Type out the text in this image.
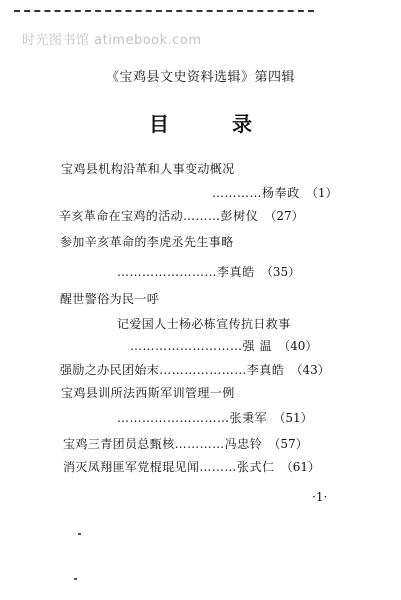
时光图书馆 atimebook.com
《宝鸡县文史资料选辑》第四辑
目 录
宝鸡县机构沿革和人事变动概况
…………杨奉政 （1）
辛亥革命在宝鸡的活动………彭树仪 （27）
参加辛亥革命的李虎丞先生事略
……………………李真皓 （35）
醒世警俗为民一呼
记爱国人士杨必栋宣传抗日救事
………………………强 温 （40）
强励之办民团始末…………………李真皓 （43）
宝鸡县训所法西斯军训管理一例
………………………张秉军 （51）
宝鸡三青团员总甄核…………冯忠铃 （57）
消灭凤翔匪军党棍琨见闻………张式仁 （61）
·1·
